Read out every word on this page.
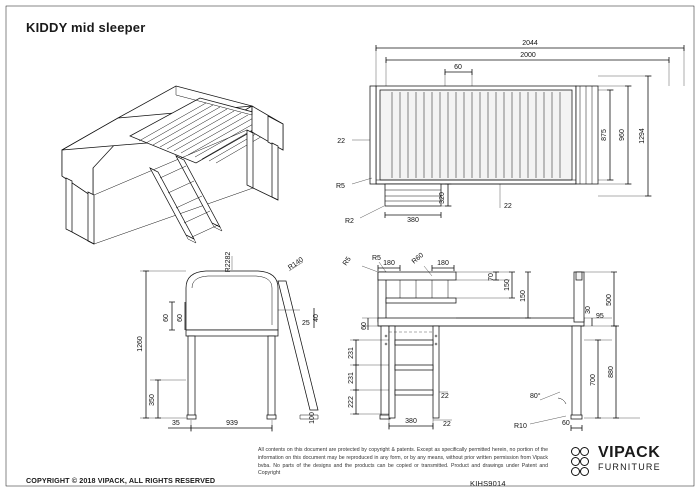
KIDDY mid sleeper
COPYRIGHT © 2018 VIPACK, ALL RIGHTS RESERVED
All contents on this document are protected by copyright & patents. Except as specifically permitted herein, no portion of the information on this document may be reproduced in any form, or by any means, without prior written permission from Vipack bvba. No parts of the designs and the products can be copied or transmitted. Product and drawings under Patent and Copyright
KIHS9014
VIPACK
FURNITURE
2044
2000
60
R5
R2
22
320
380
22
875 960 1294
R2282	R140
1260
350
60 60
25
40
939
35	100
R5	R5	R60
180	180
70
150
150
30
95
500
60
231
231
222	22
380	22
700
880
80°
R10	60
